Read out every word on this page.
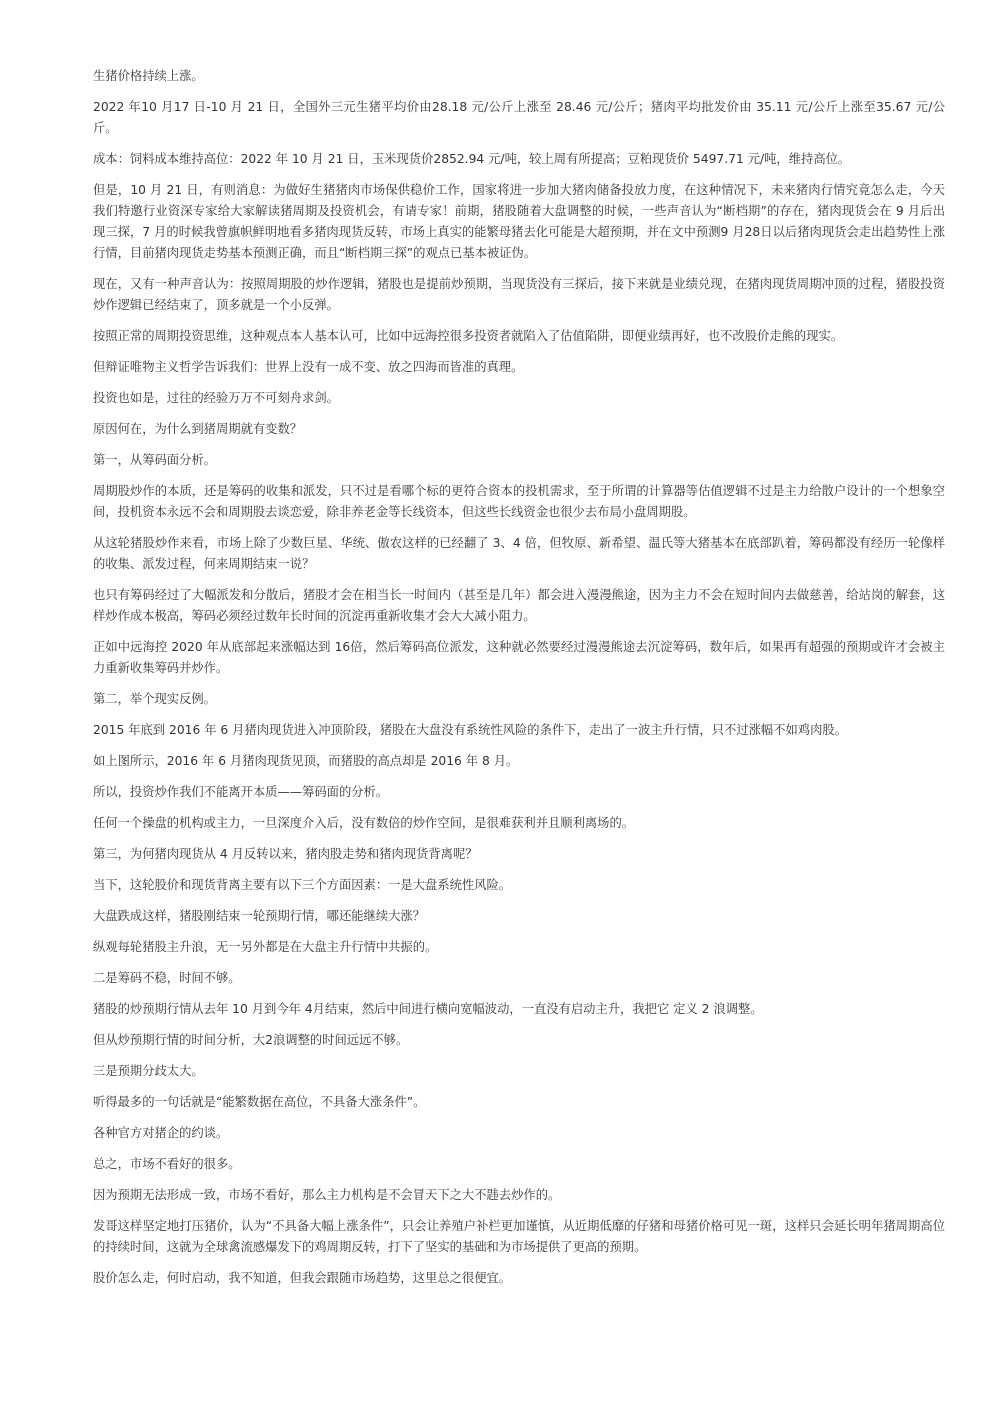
生猪价格持续上涨。

2022 年10 月17 日-10 月 21 日，全国外三元生猪平均价由28.18 元/公斤上涨至 28.46 元/公斤；猪肉平均批发价由 35.11 元/公斤上涨至35.67 元/公斤。

成本：饲料成本维持高位：2022 年 10 月 21 日，玉米现货价2852.94 元/吨，较上周有所提高；豆粕现货价 5497.71 元/吨，维持高位。

但是，10 月 21 日，有则消息：为做好生猪猪肉市场保供稳价工作，国家将进一步加大猪肉储备投放力度，在这种情况下，未来猪肉行情究竟怎么走，今天我们特邀行业资深专家给大家解读猪周期及投资机会，有请专家！前期，猪股随着大盘调整的时候，一些声音认为“断档期”的存在，猪肉现货会在 9 月后出现三探，7 月的时候我曾旗帜鲜明地看多猪肉现货反转，市场上真实的能繁母猪去化可能是大超预期，并在文中预测9 月28日以后猪肉现货会走出趋势性上涨行情，目前猪肉现货走势基本预测正确，而且“断档期三探”的观点已基本被证伪。

现在，又有一种声音认为：按照周期股的炒作逻辑，猪股也是提前炒预期，当现货没有三探后，接下来就是业绩兑现，在猪肉现货周期冲顶的过程，猪股投资炒作逻辑已经结束了，顶多就是一个小反弹。

按照正常的周期投资思维，这种观点本人基本认可，比如中远海控很多投资者就陷入了估值陷阱，即便业绩再好，也不改股价走熊的现实。

但辩证唯物主义哲学告诉我们：世界上没有一成不变、放之四海而皆准的真理。

投资也如是，过往的经验万万不可刻舟求剑。

原因何在，为什么到猪周期就有变数？

第一，从筹码面分析。

周期股炒作的本质，还是筹码的收集和派发，只不过是看哪个标的更符合资本的投机需求，至于所谓的计算器等估值逻辑不过是主力给散户设计的一个想象空间，投机资本永远不会和周期股去谈恋爱，除非养老金等长线资本，但这些长线资金也很少去布局小盘周期股。

从这轮猪股炒作来看，市场上除了少数巨星、华统、傲农这样的已经翻了 3、4 倍，但牧原、新希望、温氏等大猪基本在底部趴着，筹码都没有经历一轮像样的收集、派发过程，何来周期结束一说？

也只有筹码经过了大幅派发和分散后，猪股才会在相当长一时间内（甚至是几年）都会进入漫漫熊途，因为主力不会在短时间内去做慈善，给站岗的解套，这样炒作成本极高，筹码必须经过数年长时间的沉淀再重新收集才会大大减小阻力。

正如中远海控 2020 年从底部起来涨幅达到 16倍，然后筹码高位派发，这种就必然要经过漫漫熊途去沉淀筹码，数年后，如果再有超强的预期或许才会被主力重新收集筹码并炒作。

第二，举个现实反例。

2015 年底到 2016 年 6 月猪肉现货进入冲顶阶段，猪股在大盘没有系统性风险的条件下，走出了一波主升行情，只不过涨幅不如鸡肉股。

如上图所示，2016 年 6 月猪肉现货见顶，而猪股的高点却是 2016 年 8 月。

所以，投资炒作我们不能离开本质——筹码面的分析。

任何一个操盘的机构或主力，一旦深度介入后，没有数倍的炒作空间，是很难获利并且顺利离场的。

第三，为何猪肉现货从 4 月反转以来，猪肉股走势和猪肉现货背离呢？

当下，这轮股价和现货背离主要有以下三个方面因素：一是大盘系统性风险。

大盘跌成这样，猪股刚结束一轮预期行情，哪还能继续大涨？

纵观每轮猪股主升浪，无一另外都是在大盘主升行情中共振的。

二是筹码不稳，时间不够。

猪股的炒预期行情从去年 10 月到今年 4月结束，然后中间进行横向宽幅波动，一直没有启动主升，我把它 定义 2 浪调整。

但从炒预期行情的时间分析，大2浪调整的时间远远不够。

三是预期分歧太大。

听得最多的一句话就是“能繁数据在高位，不具备大涨条件”。

各种官方对猪企的约谈。

总之，市场不看好的很多。

因为预期无法形成一致，市场不看好，那么主力机构是不会冒天下之大不韪去炒作的。

发哥这样坚定地打压猪价，认为“不具备大幅上涨条件”，只会让养殖户补栏更加谨慎，从近期低靡的仔猪和母猪价格可见一斑，这样只会延长明年猪周期高位的持续时间，这就为全球禽流感爆发下的鸡周期反转，打下了坚实的基础和为市场提供了更高的预期。

股价怎么走，何时启动，我不知道，但我会跟随市场趋势，这里总之很便宜。
